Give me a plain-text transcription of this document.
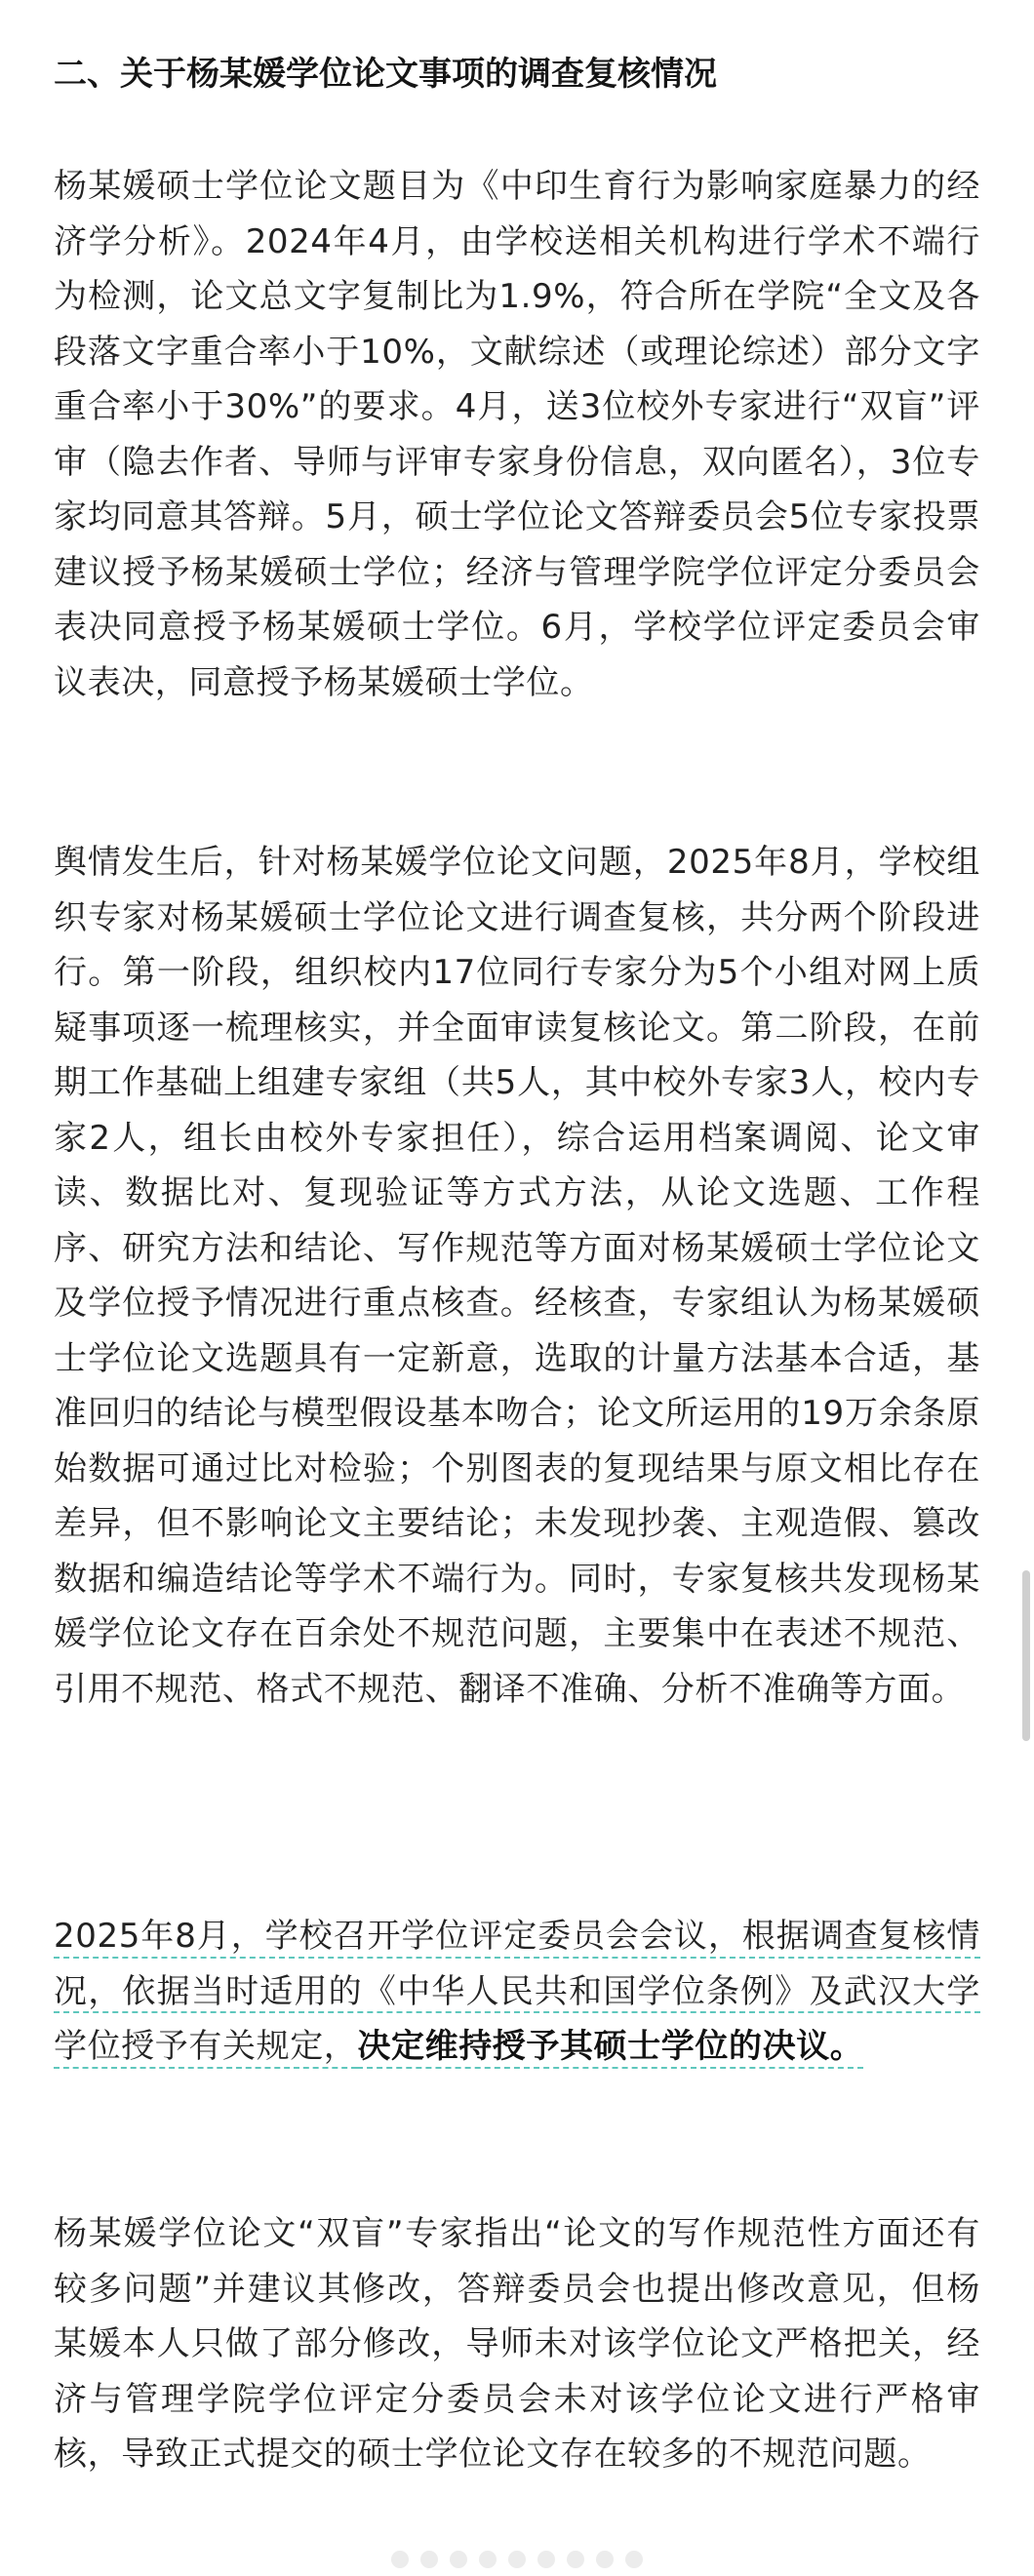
二、关于杨某媛学位论文事项的调查复核情况

杨某媛硕士学位论文题目为《中印生育行为影响家庭暴力的经济学分析》。2024年4月，由学校送相关机构进行学术不端行为检测，论文总文字复制比为1.9%，符合所在学院“全文及各段落文字重合率小于10%，文献综述（或理论综述）部分文字重合率小于30%”的要求。4月，送3位校外专家进行“双盲”评审（隐去作者、导师与评审专家身份信息，双向匿名），3位专家均同意其答辩。5月，硕士学位论文答辩委员会5位专家投票建议授予杨某媛硕士学位；经济与管理学院学位评定分委员会表决同意授予杨某媛硕士学位。6月，学校学位评定委员会审议表决，同意授予杨某媛硕士学位。

舆情发生后，针对杨某媛学位论文问题，2025年8月，学校组织专家对杨某媛硕士学位论文进行调查复核，共分两个阶段进行。第一阶段，组织校内17位同行专家分为5个小组对网上质疑事项逐一梳理核实，并全面审读复核论文。第二阶段，在前期工作基础上组建专家组（共5人，其中校外专家3人，校内专家2人，组长由校外专家担任），综合运用档案调阅、论文审读、数据比对、复现验证等方式方法，从论文选题、工作程序、研究方法和结论、写作规范等方面对杨某媛硕士学位论文及学位授予情况进行重点核查。经核查，专家组认为杨某媛硕士学位论文选题具有一定新意，选取的计量方法基本合适，基准回归的结论与模型假设基本吻合；论文所运用的19万余条原始数据可通过比对检验；个别图表的复现结果与原文相比存在差异，但不影响论文主要结论；未发现抄袭、主观造假、篡改数据和编造结论等学术不端行为。同时，专家复核共发现杨某媛学位论文存在百余处不规范问题，主要集中在表述不规范、引用不规范、格式不规范、翻译不准确、分析不准确等方面。

2025年8月，学校召开学位评定委员会会议，根据调查复核情况，依据当时适用的《中华人民共和国学位条例》及武汉大学学位授予有关规定，决定维持授予其硕士学位的决议。

杨某媛学位论文“双盲”专家指出“论文的写作规范性方面还有较多问题”并建议其修改，答辩委员会也提出修改意见，但杨某媛本人只做了部分修改，导师未对该学位论文严格把关，经济与管理学院学位评定分委员会未对该学位论文进行严格审核，导致正式提交的硕士学位论文存在较多的不规范问题。
